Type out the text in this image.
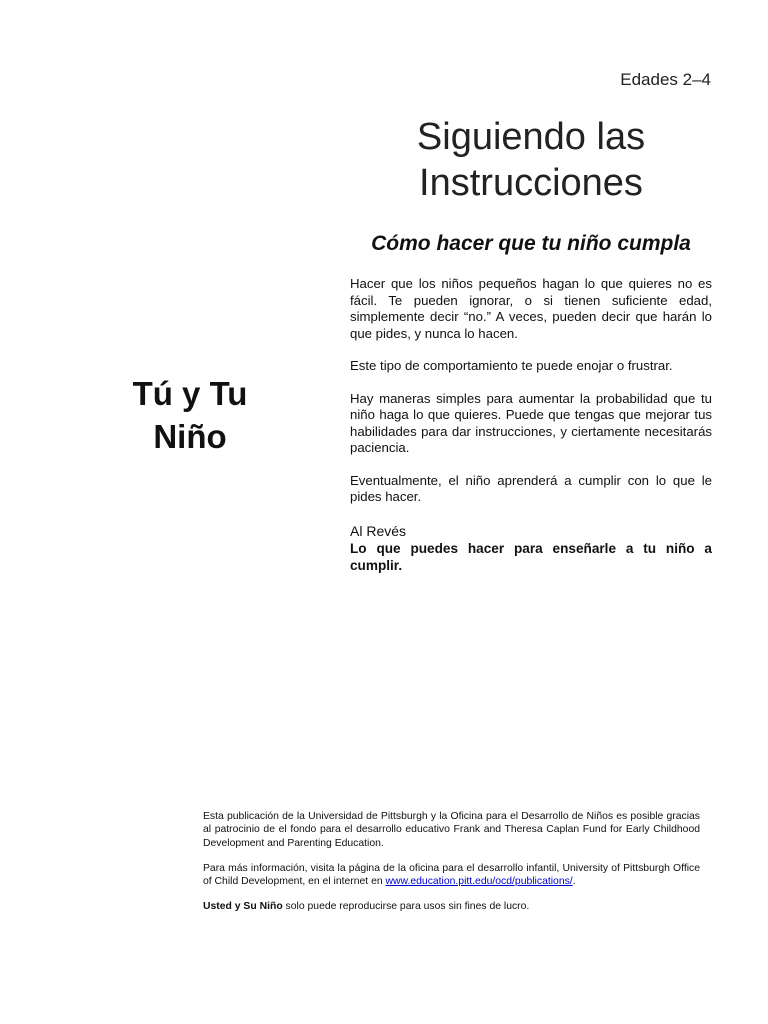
Edades 2–4
Siguiendo las
Instrucciones
Cómo hacer que tu niño cumpla
Tú y Tu
Niño

Hacer que los niños pequeños hagan lo que quieres no es fácil. Te pueden ignorar, o si tienen suficiente edad, simplemente decir “no.” A veces, pueden decir que harán lo que pides, y nunca lo hacen.

Este tipo de comportamiento te puede enojar o frustrar.

Hay maneras simples para aumentar la probabilidad que tu niño haga lo que quieres. Puede que tengas que mejorar tus habilidades para dar instrucciones, y ciertamente necesitarás paciencia.

Eventualmente, el niño aprenderá a cumplir con lo que le pides hacer.

Al Revés
Lo que puedes hacer para enseñarle a tu niño a cumplir.

Esta publicación de la Universidad de Pittsburgh y la Oficina para el Desarrollo de Niños es posible gracias al patrocinio de el fondo para el desarrollo educativo Frank and Theresa Caplan Fund for Early Childhood Development and Parenting Education.

Para más información, visita la página de la oficina para el desarrollo infantil, University of Pittsburgh Office of Child Development, en el internet en www.education.pitt.edu/ocd/publications/.

Usted y Su Niño solo puede reproducirse para usos sin fines de lucro.
